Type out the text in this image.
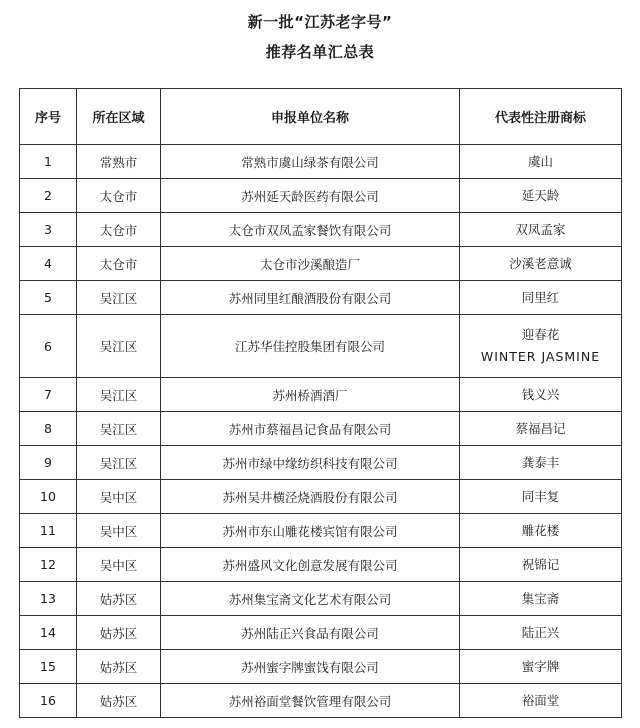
新一批“江苏老字号”
推荐名单汇总表
序号	所在区域	申报单位名称	代表性注册商标
1	常熟市	常熟市虞山绿茶有限公司	虞山

2	太仓市	苏州延天龄医药有限公司	延天龄

3	太仓市	太仓市双凤孟家餐饮有限公司	双凤孟家

4	太仓市	太仓市沙溪酿造厂	沙溪老意诚

5	吴江区	苏州同里红酿酒股份有限公司	同里红

6	吴江区	江苏华佳控股集团有限公司	迎春花
WINTER JASMINE

7	吴江区	苏州桥酒酒厂	钱义兴

8	吴江区	苏州市蔡福昌记食品有限公司	蔡福昌记

9	吴江区	苏州市绿中缘纺织科技有限公司	龚泰丰

10	吴中区	苏州吴井横泾烧酒股份有限公司	同丰复

11	吴中区	苏州市东山雕花楼宾馆有限公司	雕花楼

12	吴中区	苏州盛风文化创意发展有限公司	祝锦记

13	姑苏区	苏州集宝斋文化艺术有限公司	集宝斋

14	姑苏区	苏州陆正兴食品有限公司	陆正兴

15	姑苏区	苏州蜜字牌蜜饯有限公司	蜜字牌

16	姑苏区	苏州裕面堂餐饮管理有限公司	裕面堂
